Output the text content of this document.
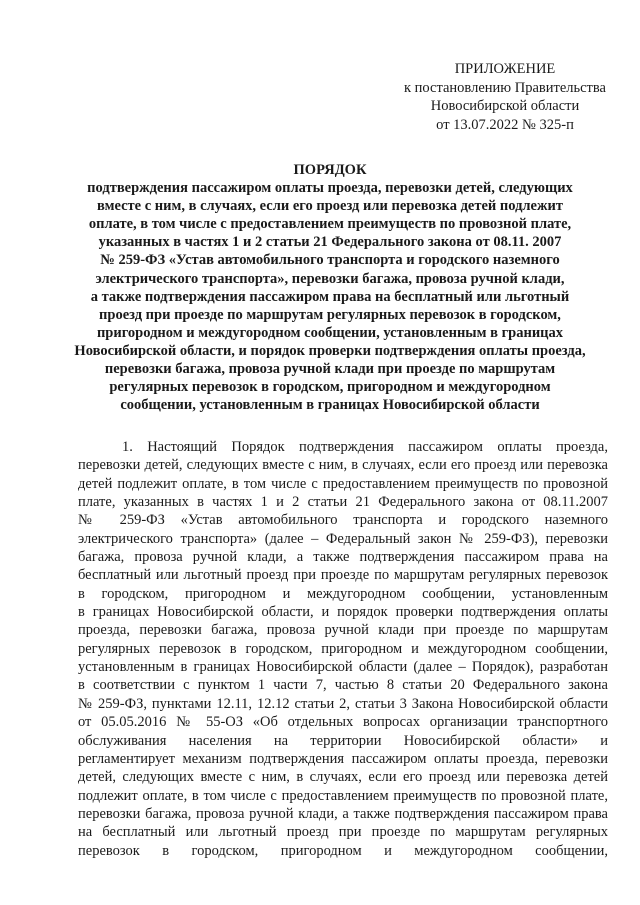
ПРИЛОЖЕНИЕ
к постановлению Правительства
Новосибирской области
от 13.07.2022 № 325-п
ПОРЯДОК
подтверждения пассажиром оплаты проезда, перевозки детей, следующих
вместе с ним, в случаях, если его проезд или перевозка детей подлежит
оплате, в том числе с предоставлением преимуществ по провозной плате,
указанных в частях 1 и 2 статьи 21 Федерального закона от 08.11. 2007
№ 259-ФЗ «Устав автомобильного транспорта и городского наземного
электрического транспорта», перевозки багажа, провоза ручной клади,
а также подтверждения пассажиром права на бесплатный или льготный
проезд при проезде по маршрутам регулярных перевозок в городском,
пригородном и междугородном сообщении, установленным в границах
Новосибирской области, и порядок проверки подтверждения оплаты проезда,
перевозки багажа, провоза ручной клади при проезде по маршрутам
регулярных перевозок в городском, пригородном и междугородном
сообщении, установленным в границах Новосибирской области
1. Настоящий Порядок подтверждения пассажиром оплаты проезда,
перевозки детей, следующих вместе с ним, в случаях, если его проезд или перевозка
детей подлежит оплате, в том числе с предоставлением преимуществ по провозной
плате, указанных в частях 1 и 2 статьи 21 Федерального закона от 08.11.2007
№ 259-ФЗ «Устав автомобильного транспорта и городского наземного
электрического транспорта» (далее – Федеральный закон № 259-ФЗ), перевозки
багажа, провоза ручной клади, а также подтверждения пассажиром права на
бесплатный или льготный проезд при проезде по маршрутам регулярных перевозок
в городском, пригородном и междугородном сообщении, установленным
в границах Новосибирской области, и порядок проверки подтверждения оплаты
проезда, перевозки багажа, провоза ручной клади при проезде по маршрутам
регулярных перевозок в городском, пригородном и междугородном сообщении,
установленным в границах Новосибирской области (далее – Порядок), разработан
в соответствии с пунктом 1 части 7, частью 8 статьи 20 Федерального закона
№ 259-ФЗ, пунктами 12.11, 12.12 статьи 2, статьи 3 Закона Новосибирской области
от 05.05.2016 № 55-ОЗ «Об отдельных вопросах организации транспортного
обслуживания населения на территории Новосибирской области» и
регламентирует механизм подтверждения пассажиром оплаты проезда, перевозки
детей, следующих вместе с ним, в случаях, если его проезд или перевозка детей
подлежит оплате, в том числе с предоставлением преимуществ по провозной плате,
перевозки багажа, провоза ручной клади, а также подтверждения пассажиром права
на бесплатный или льготный проезд при проезде по маршрутам регулярных
перевозок в городском, пригородном и междугородном сообщении,
